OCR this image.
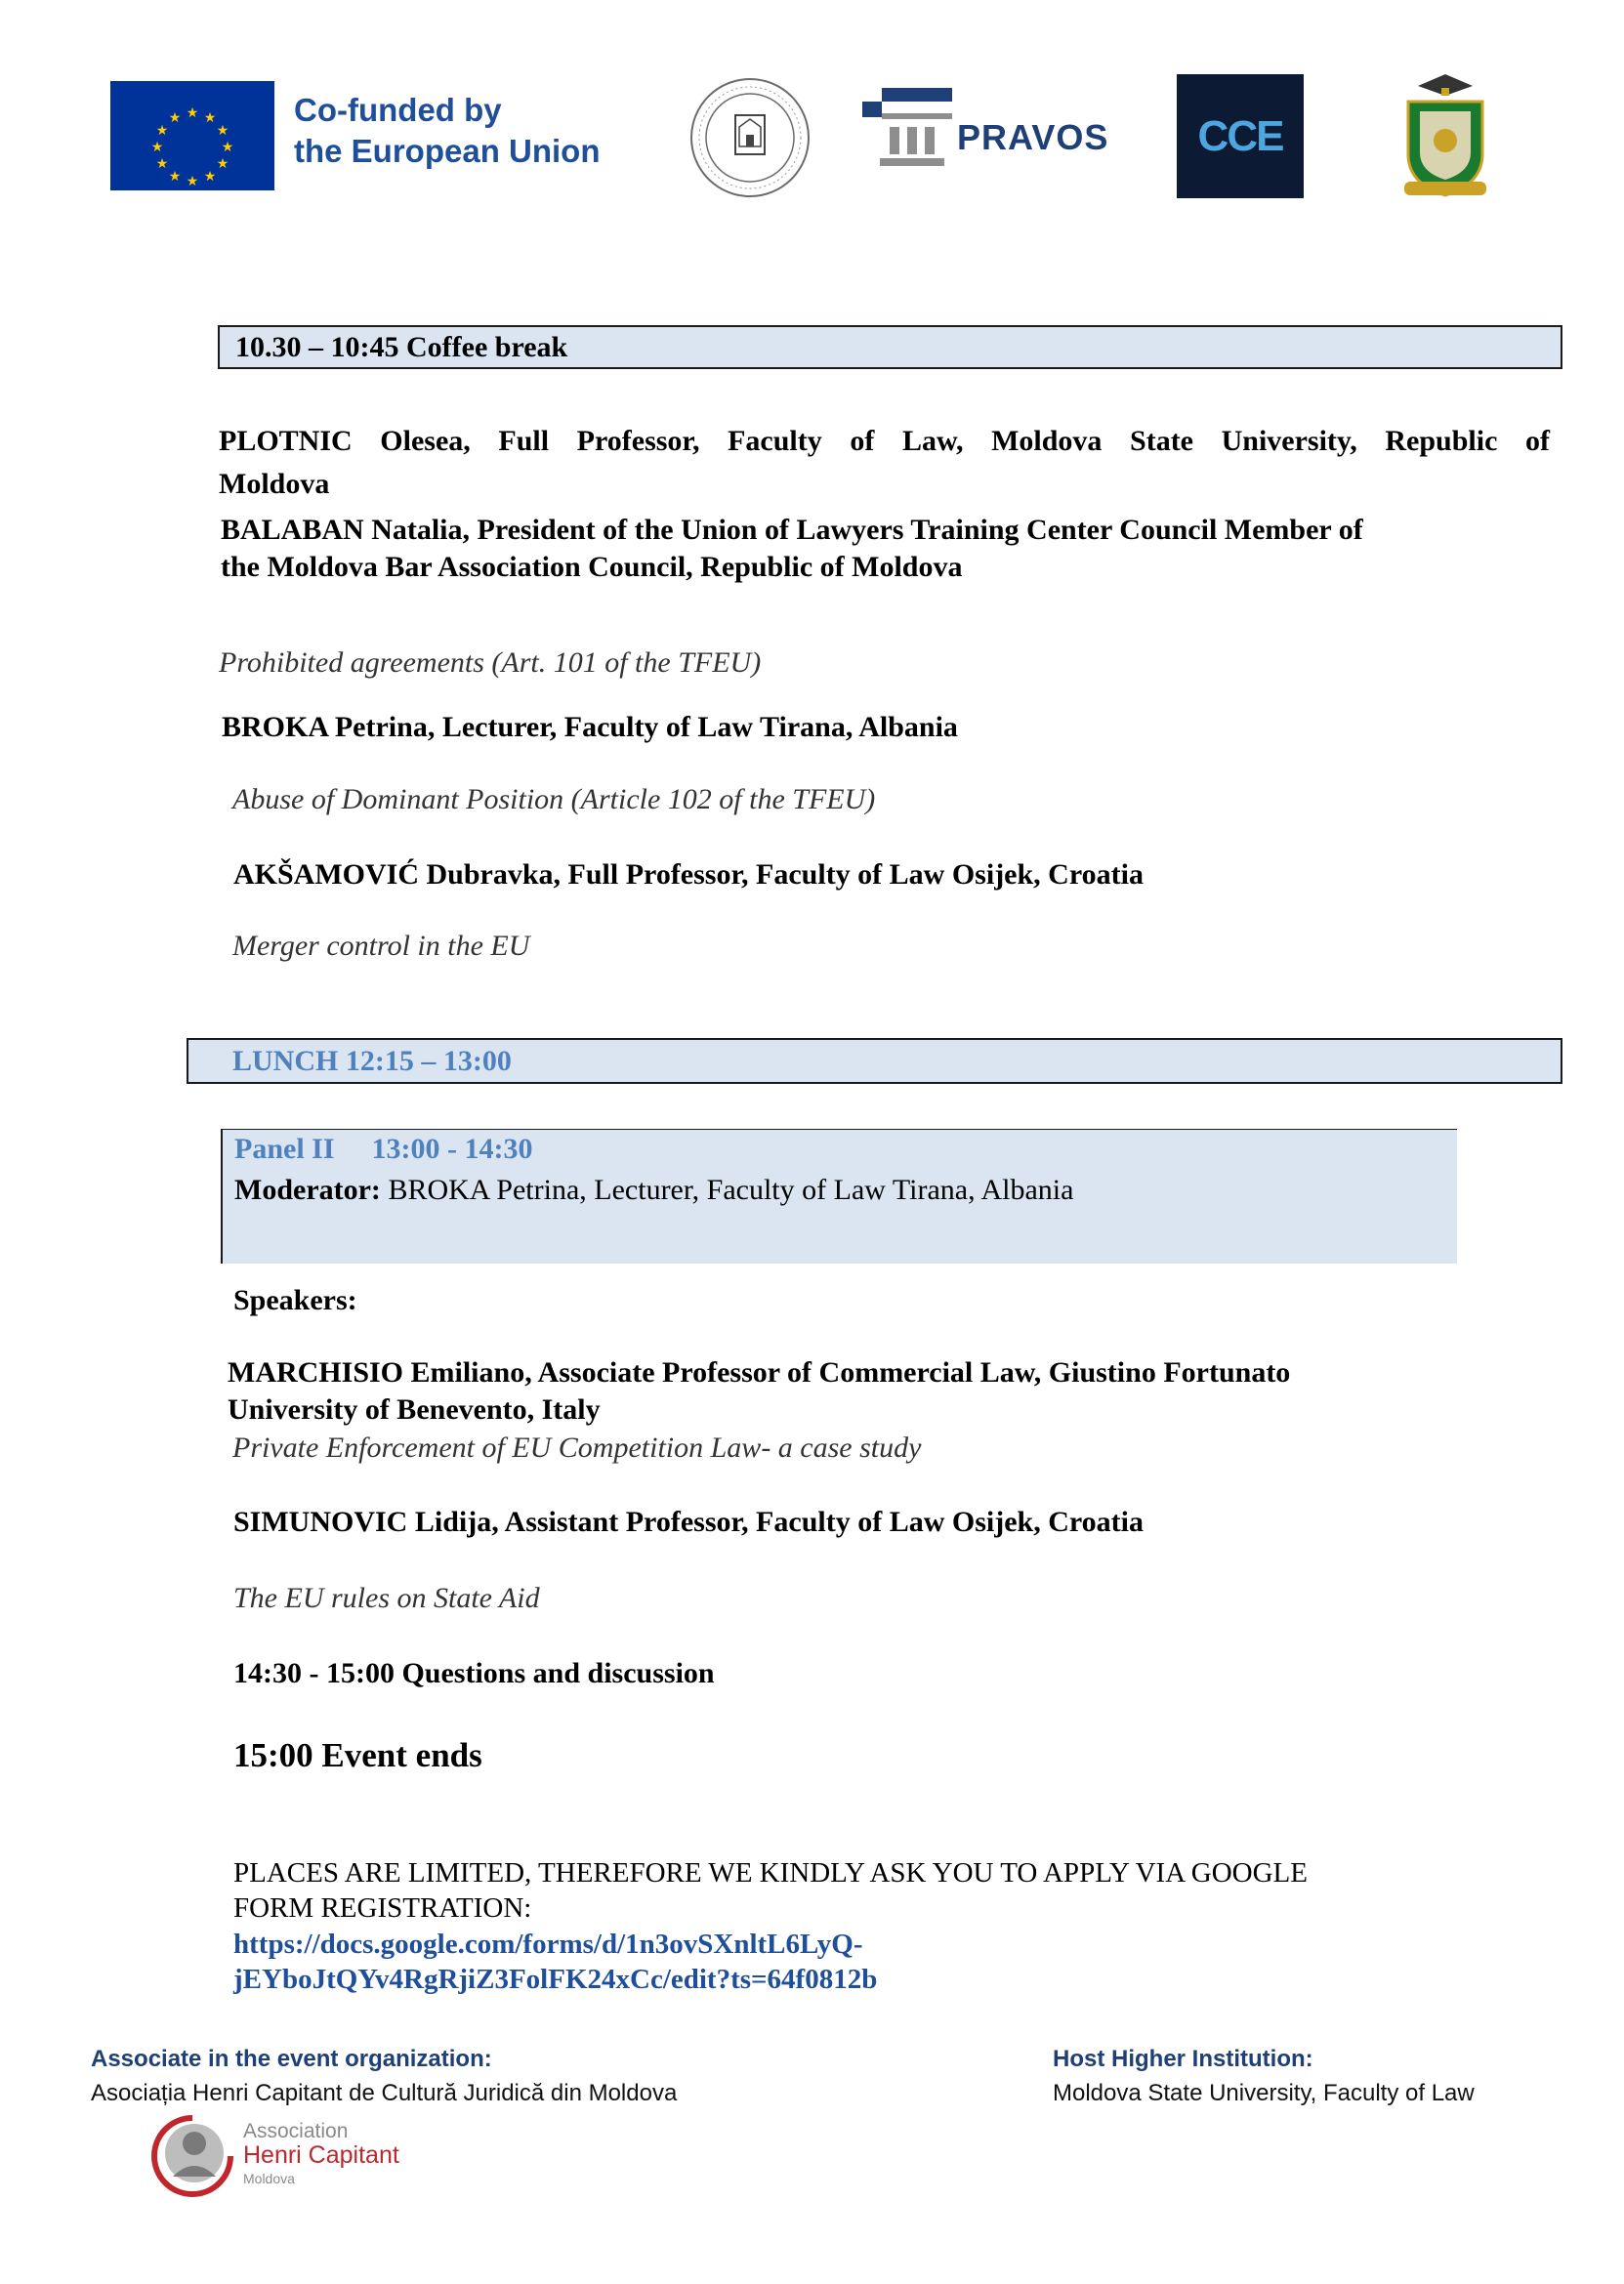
★ ★
★
★
★
★
★
★
★
★
★
★	Co-funded by
the European Union	PRAVOS CCE
10.30 – 10:45 Coffee break
PLOTNIC Olesea, Full Professor, Faculty of Law, Moldova State University, Republic of
Moldova
BALABAN Natalia, President of the Union of Lawyers Training Center Council Member of
the Moldova Bar Association Council, Republic of Moldova
Prohibited agreements (Art. 101 of the TFEU)
BROKA Petrina, Lecturer, Faculty of Law Tirana, Albania
Abuse of Dominant Position (Article 102 of the TFEU)
AKŠAMOVIĆ Dubravka, Full Professor, Faculty of Law Osijek, Croatia
Merger control in the EU
LUNCH 12:15 – 13:00
Panel II 13:00 - 14:30
Moderator: BROKA Petrina, Lecturer, Faculty of Law Tirana, Albania
Speakers:
MARCHISIO Emiliano, Associate Professor of Commercial Law, Giustino Fortunato
University of Benevento, Italy
Private Enforcement of EU Competition Law- a case study
SIMUNOVIC Lidija, Assistant Professor, Faculty of Law Osijek, Croatia
The EU rules on State Aid
14:30 - 15:00 Questions and discussion
15:00 Event ends
PLACES ARE LIMITED, THEREFORE WE KINDLY ASK YOU TO APPLY VIA GOOGLE
FORM REGISTRATION:
https://docs.google.com/forms/d/1n3ovSXnltL6LyQ-
jEYboJtQYv4RgRjiZ3FolFK24xCc/edit?ts=64f0812b
Associate in the event organization:
Asociația Henri Capitant de Cultură Juridică din Moldova
Host Higher Institution:
Moldova State University, Faculty of Law
Association
Henri Capitant
Moldova
